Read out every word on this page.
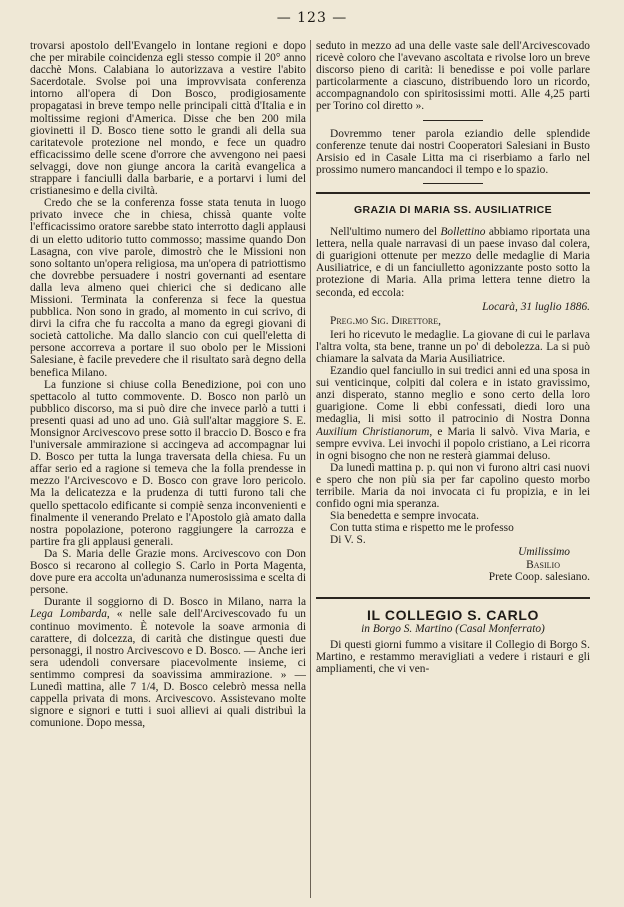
— 123 —

trovarsi apostolo dell'Evangelo in lontane regioni e dopo che per mirabile coincidenza egli stesso compie il 20° anno dacchè Mons. Calabiana lo autorizzava a vestire l'abito Sacerdotale. Svolse poi una improvvisata conferenza intorno all'opera di Don Bosco, prodigiosamente propagatasi in breve tempo nelle principali città d'Italia e in moltissime regioni d'America. Disse che ben 200 mila giovinetti il D. Bosco tiene sotto le grandi ali della sua caritatevole protezione nel mondo, e fece un quadro efficacissimo delle scene d'orrore che avvengono nei paesi selvaggi, dove non giunge ancora la carità evangelica a strappare i fanciulli dalla barbarie, e a portarvi i lumi del cristianesimo e della civiltà.

Credo che se la conferenza fosse stata tenuta in luogo privato invece che in chiesa, chissà quante volte l'efficacissimo oratore sarebbe stato interrotto dagli applausi di un eletto uditorio tutto commosso; massime quando Don Lasagna, con vive parole, dimostrò che le Missioni non sono soltanto un'opera religiosa, ma un'opera di patriottismo che dovrebbe persuadere i nostri governanti ad esentare dalla leva almeno quei chierici che si dedicano alle Missioni. Terminata la conferenza si fece la questua pubblica. Non sono in grado, al momento in cui scrivo, di dirvi la cifra che fu raccolta a mano da egregi giovani di società cattoliche. Ma dallo slancio con cui quell'eletta di persone accorreva a portare il suo obolo per le Missioni Salesiane, è facile prevedere che il risultato sarà degno della benefica Milano.

La funzione si chiuse colla Benedizione, poi con uno spettacolo al tutto commovente. D. Bosco non parlò un pubblico discorso, ma si può dire che invece parlò a tutti i presenti quasi ad uno ad uno. Già sull'altar maggiore S. E. Monsignor Arcivescovo prese sotto il braccio D. Bosco e fra l'universale ammirazione si accingeva ad accompagnar lui D. Bosco per tutta la lunga traversata della chiesa. Fu un affar serio ed a ragione si temeva che la folla prendesse in mezzo l'Arcivescovo e D. Bosco con grave loro pericolo. Ma la delicatezza e la prudenza di tutti furono tali che quello spettacolo edificante si compiè senza inconvenienti e finalmente il venerando Prelato e l'Apostolo già amato dalla nostra popolazione, poterono raggiungere la carrozza e partire fra gli applausi generali.

Da S. Maria delle Grazie mons. Arcivescovo con Don Bosco si recarono al collegio S. Carlo in Porta Magenta, dove pure era accolta un'adunanza numerosissima e scelta di persone.

Durante il soggiorno di D. Bosco in Milano, narra la Lega Lombarda, « nelle sale dell'Arcivescovado fu un continuo movimento. È notevole la soave armonia di carattere, di dolcezza, di carità che distingue questi due personaggi, il nostro Arcivescovo e D. Bosco. — Anche ieri sera udendoli conversare piacevolmente insieme, ci sentimmo compresi da soavissima ammirazione. » — Lunedì mattina, alle 7 1/4, D. Bosco celebrò messa nella cappella privata di mons. Arcivescovo. Assistevano molte signore e signori e tutti i suoi allievi ai quali distribuì la comunione. Dopo messa,

seduto in mezzo ad una delle vaste sale dell'Arcivescovado ricevè coloro che l'avevano ascoltata e rivolse loro un breve discorso pieno di carità: li benedisse e poi volle parlare particolarmente a ciascuno, distribuendo loro un ricordo, accompagnandolo con spiritosissimi motti. Alle 4,25 parti per Torino col diretto ».

Dovremmo tener parola eziandio delle splendide conferenze tenute dai nostri Cooperatori Salesiani in Busto Arsisio ed in Casale Litta ma ci riserbiamo a farlo nel prossimo numero mancandoci il tempo e lo spazio.

GRAZIA DI MARIA SS. AUSILIATRICE

Nell'ultimo numero del Bollettino abbiamo riportata una lettera, nella quale narravasi di un paese invaso dal colera, di guarigioni ottenute per mezzo delle medaglie di Maria Ausiliatrice, e di un fanciulletto agonizzante posto sotto la protezione di Maria. Alla prima lettera tenne dietro la seconda, ed eccola:

Locarà, 31 luglio 1886.
Preg.mo Sig. Direttore,

Ieri ho ricevuto le medaglie. La giovane di cui le parlava l'altra volta, sta bene, tranne un po' di debolezza. La si può chiamare la salvata da Maria Ausiliatrice.

Ezandio quel fanciullo in sui tredici anni ed una sposa in sui venticinque, colpiti dal colera e in istato gravissimo, anzi disperato, stanno meglio e sono certo della loro guarigione. Come li ebbi confessati, diedi loro una medaglia, li misi sotto il patrocinio di Nostra Donna Auxilium Christianorum, e Maria li salvò. Viva Maria, e sempre evviva. Lei invochi il popolo cristiano, a Lei ricorra in ogni bisogno che non ne resterà giammai deluso.

Da lunedì mattina p. p. qui non vi furono altri casi nuovi e spero che non più sia per far capolino questo morbo terribile. Maria da noi invocata ci fu propizia, e in lei confido ogni mia speranza.

Sia benedetta e sempre invocata.

Con tutta stima e rispetto me le professo

Di V. S.

Umilissimo
Basilio
Prete Coop. salesiano.
IL COLLEGIO S. CARLO
in Borgo S. Martino (Casal Monferrato)

Di questi giorni fummo a visitare il Collegio di Borgo S. Martino, e restammo meravigliati a vedere i ristauri e gli ampliamenti, che vi ven-
